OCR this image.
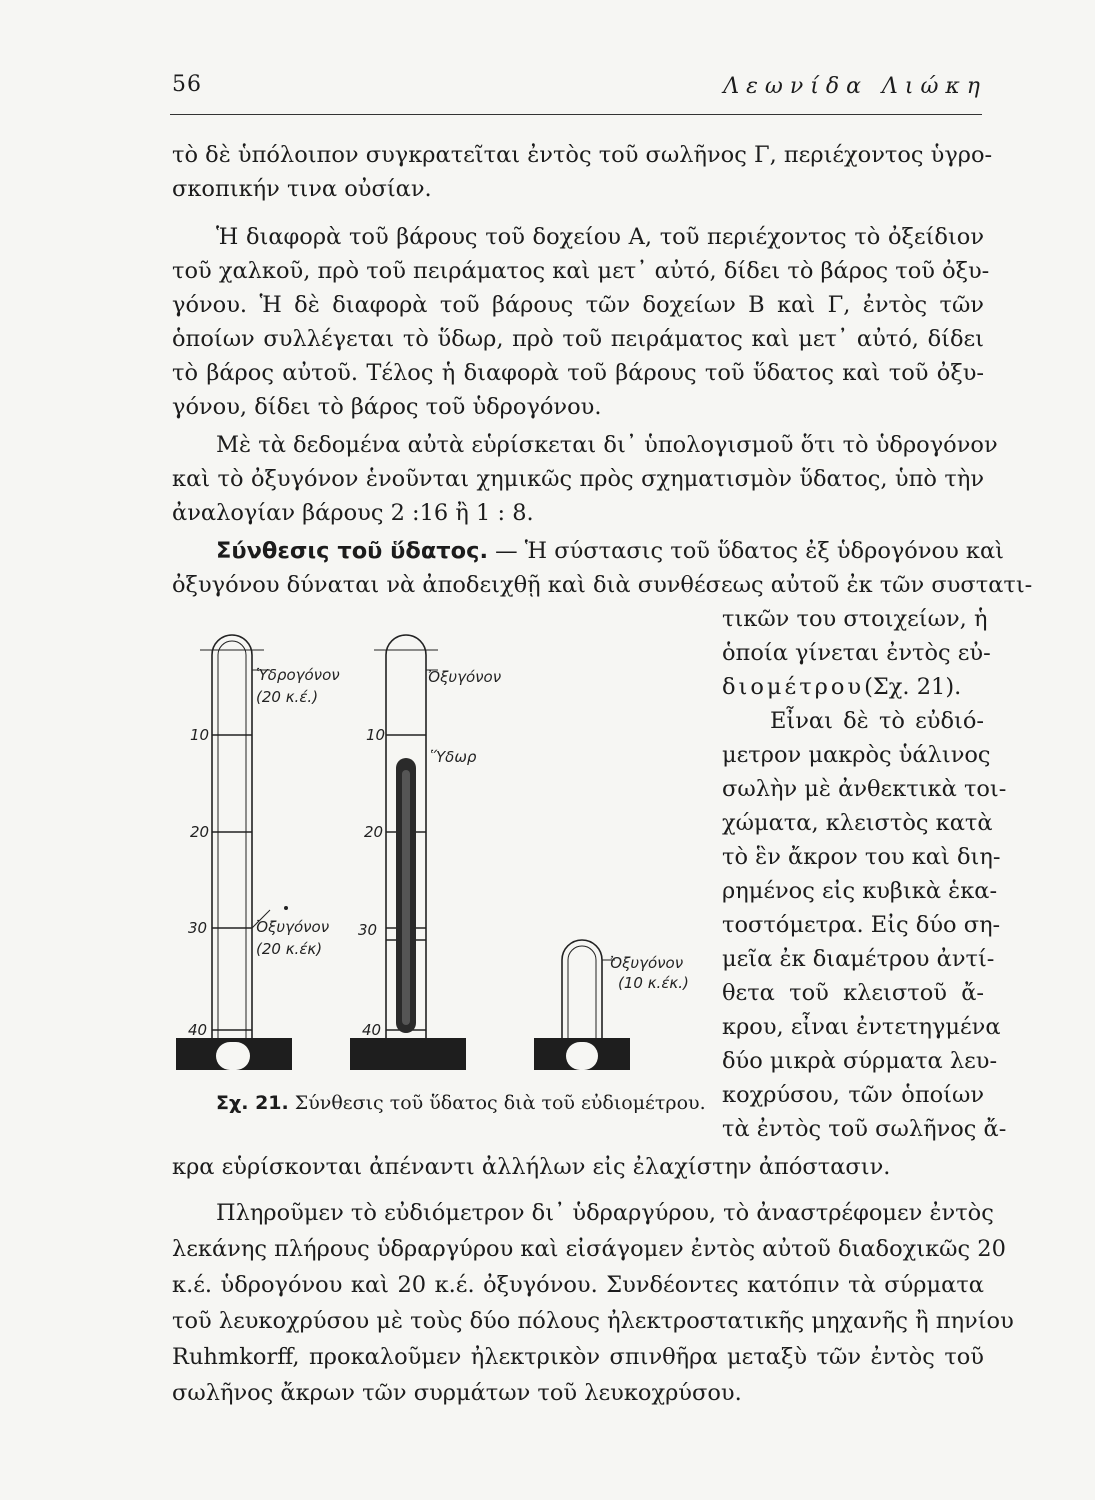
56	Λεωνίδα Λιώκη
τὸ δὲ ὑπόλοιπον συγκρατεῖται ἐντὸς τοῦ σωλῆνος Γ, περιέχοντος ὑγρο-
σκοπικήν τινα οὐσίαν.
Ἡ διαφορὰ τοῦ βάρους τοῦ δοχείου Α, τοῦ περιέχοντος τὸ ὀξείδιον
τοῦ χαλκοῦ, πρὸ τοῦ πειράματος καὶ μετ᾽ αὐτό, δίδει τὸ βάρος τοῦ ὀξυ-
γόνου. Ἡ δὲ διαφορὰ τοῦ βάρους τῶν δοχείων Β καὶ Γ, ἐντὸς τῶν
ὁποίων συλλέγεται τὸ ὕδωρ, πρὸ τοῦ πειράματος καὶ μετ᾽ αὐτό, δίδει
τὸ βάρος αὐτοῦ. Τέλος ἡ διαφορὰ τοῦ βάρους τοῦ ὕδατος καὶ τοῦ ὀξυ-
γόνου, δίδει τὸ βάρος τοῦ ὑδρογόνου.
Μὲ τὰ δεδομένα αὐτὰ εὑρίσκεται δι᾽ ὑπολογισμοῦ ὅτι τὸ ὑδρογόνον
καὶ τὸ ὀξυγόνον ἑνοῦνται χημικῶς πρὸς σχηματισμὸν ὕδατος, ὑπὸ τὴν
ἀναλογίαν βάρους 2 :16 ἢ 1 : 8.
Σύνθεσις τοῦ ὕδατος. — Ἡ σύστασις τοῦ ὕδατος ἐξ ὑδρογόνου καὶ
ὀξυγόνου δύναται νὰ ἀποδειχθῇ καὶ διὰ συνθέσεως αὐτοῦ ἐκ τῶν συστατι-
τικῶν του στοιχείων, ἡ
ὁποία γίνεται ἐντὸς εὐ-
διομέτρου(Σχ. 21).
Εἶναι δὲ τὸ εὐδιό-
μετρον μακρὸς ὑάλινος
σωλὴν μὲ ἀνθεκτικὰ τοι-
χώματα, κλειστὸς κατὰ
τὸ ἓν ἄκρον του καὶ διη-
ρημένος εἰς κυβικὰ ἑκα-
τοστόμετρα. Εἰς δύο ση-
μεῖα ἐκ διαμέτρου ἀντί-
θετα τοῦ κλειστοῦ ἄ-
κρου, εἶναι ἐντετηγμένα
δύο μικρὰ σύρματα λευ-
κοχρύσου, τῶν ὁποίων
τὰ ἐντὸς τοῦ σωλῆνος ἄ-
κρα εὑρίσκονται ἀπέναντι ἀλλήλων εἰς ἐλαχίστην ἀπόστασιν.
Πληροῦμεν τὸ εὐδιόμετρον δι᾽ ὑδραργύρου, τὸ ἀναστρέφομεν ἐντὸς
λεκάνης πλήρους ὑδραργύρου καὶ εἰσάγομεν ἐντὸς αὐτοῦ διαδοχικῶς 20
κ.έ. ὑδρογόνου καὶ 20 κ.έ. ὀξυγόνου. Συνδέοντες κατόπιν τὰ σύρματα
τοῦ λευκοχρύσου μὲ τοὺς δύο πόλους ἠλεκτροστατικῆς μηχανῆς ἢ πηνίου
Ruhmkorff, προκαλοῦμεν ἠλεκτρικὸν σπινθῆρα μεταξὺ τῶν ἐντὸς τοῦ
σωλῆνος ἄκρων τῶν συρμάτων τοῦ λευκοχρύσου.
10
20
30
40
Ὑδρογόνον
(20 κ.έ.)
Ὀξυγόνον
(20 κ.έκ)
10
20
30
40
Ὀξυγόνον
Ὕδωρ
Ὀξυγόνον
(10 κ.έκ.)
Σχ. 21. Σύνθεσις τοῦ ὕδατος διὰ τοῦ εὐδιομέτρου.
